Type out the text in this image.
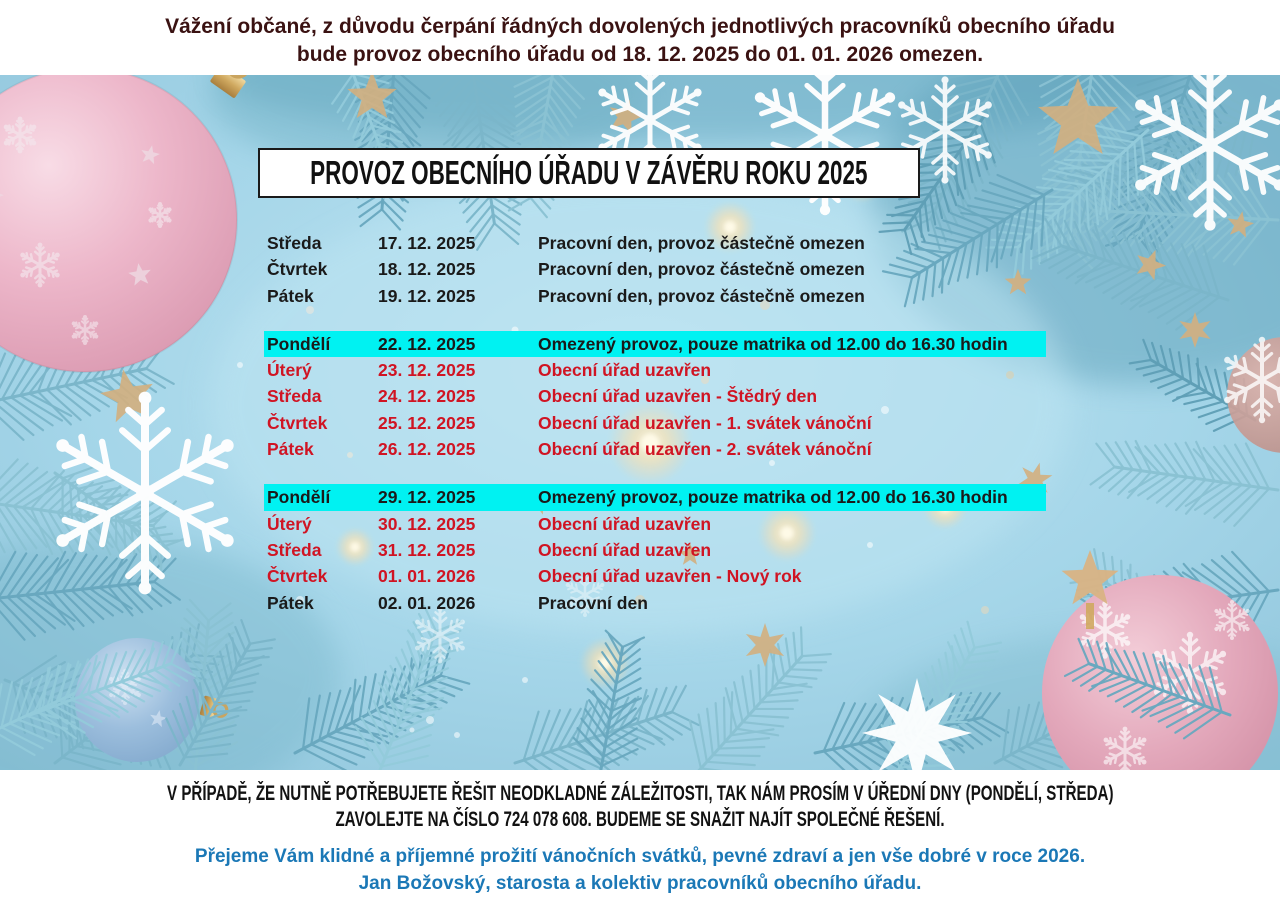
Vážení občané, z důvodu čerpání řádných dovolených jednotlivých pracovníků obecního úřadu
bude provoz obecního úřadu od 18. 12. 2025 do 01. 01. 2026 omezen.
PROVOZ OBECNÍHO ÚŘADU V ZÁVĚRU ROKU 2025
Středa	17. 12. 2025	Pracovní den, provoz částečně omezen
Čtvrtek	18. 12. 2025	Pracovní den, provoz částečně omezen
Pátek	19. 12. 2025	Pracovní den, provoz částečně omezen
Pondělí	22. 12. 2025	Omezený provoz, pouze matrika od 12.00 do 16.30 hodin
Úterý	23. 12. 2025	Obecní úřad uzavřen
Středa	24. 12. 2025	Obecní úřad uzavřen - Štědrý den
Čtvrtek	25. 12. 2025	Obecní úřad uzavřen - 1. svátek vánoční
Pátek	26. 12. 2025	Obecní úřad uzavřen - 2. svátek vánoční
Pondělí	29. 12. 2025	Omezený provoz, pouze matrika od 12.00 do 16.30 hodin
Úterý	30. 12. 2025	Obecní úřad uzavřen
Středa	31. 12. 2025	Obecní úřad uzavřen
Čtvrtek	01. 01. 2026	Obecní úřad uzavřen - Nový rok
Pátek	02. 01. 2026	Pracovní den
V PŘÍPADĚ, ŽE NUTNĚ POTŘEBUJETE ŘEŠIT NEODKLADNÉ ZÁLEŽITOSTI, TAK NÁM PROSÍM V ÚŘEDNÍ DNY (PONDĚLÍ, STŘEDA)
ZAVOLEJTE NA ČÍSLO 724 078 608. BUDEME SE SNAŽIT NAJÍT SPOLEČNÉ ŘEŠENÍ.
Přejeme Vám klidné a příjemné prožití vánočních svátků, pevné zdraví a jen vše dobré v roce 2026.
Jan Božovský, starosta a kolektiv pracovníků obecního úřadu.
